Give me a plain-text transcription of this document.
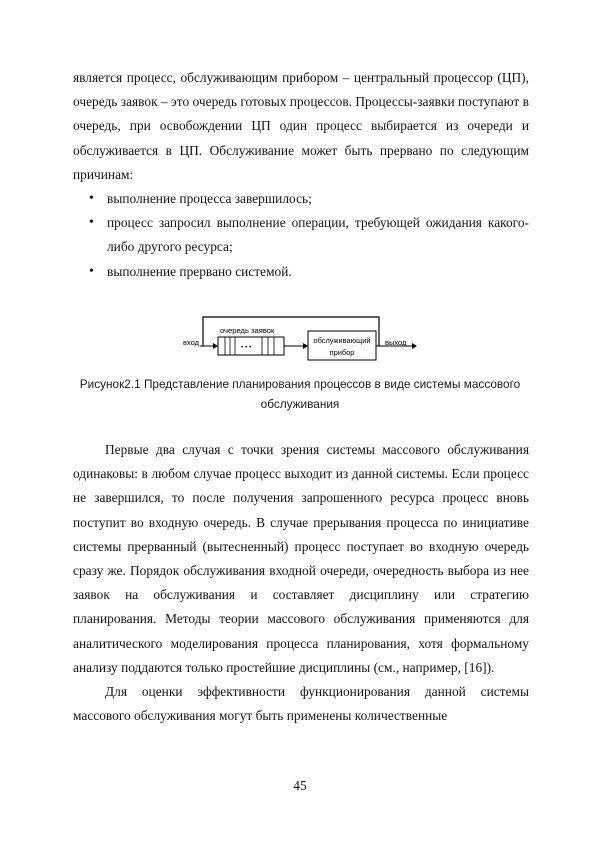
является процесс, обслуживающим прибором – центральный процессор (ЦП), очередь заявок – это очередь готовых процессов. Процессы-заявки поступают в очередь, при освобождении ЦП один процесс выбирается из очереди и обслуживается в ЦП. Обслуживание может быть прервано по следующим причинам:

• выполнение процесса завершилось;
• процесс запросил выполнение операции, требующей ожидания какого-либо другого ресурса;
• выполнение прервано системой.
вход
• • •
очередь заявок
обслуживающий
прибор
выход
Рисунок2.1 Представление планирования процессов в виде системы массового обслуживания

Первые два случая с точки зрения системы массового обслуживания одинаковы: в любом случае процесс выходит из данной системы. Если процесс не завершился, то после получения запрошенного ресурса процесс вновь поступит во входную очередь. В случае прерывания процесса по инициативе системы прерванный (вытесненный) процесс поступает во входную очередь сразу же. Порядок обслуживания входной очереди, очередность выбора из нее заявок на обслуживания и составляет дисциплину или стратегию планирования. Методы теории массового обслуживания применяются для аналитического моделирования процесса планирования, хотя формальному анализу поддаются только простейшие дисциплины (см., например, [16]).

Для оценки эффективности функционирования данной системы массового обслуживания могут быть применены количественные

45
